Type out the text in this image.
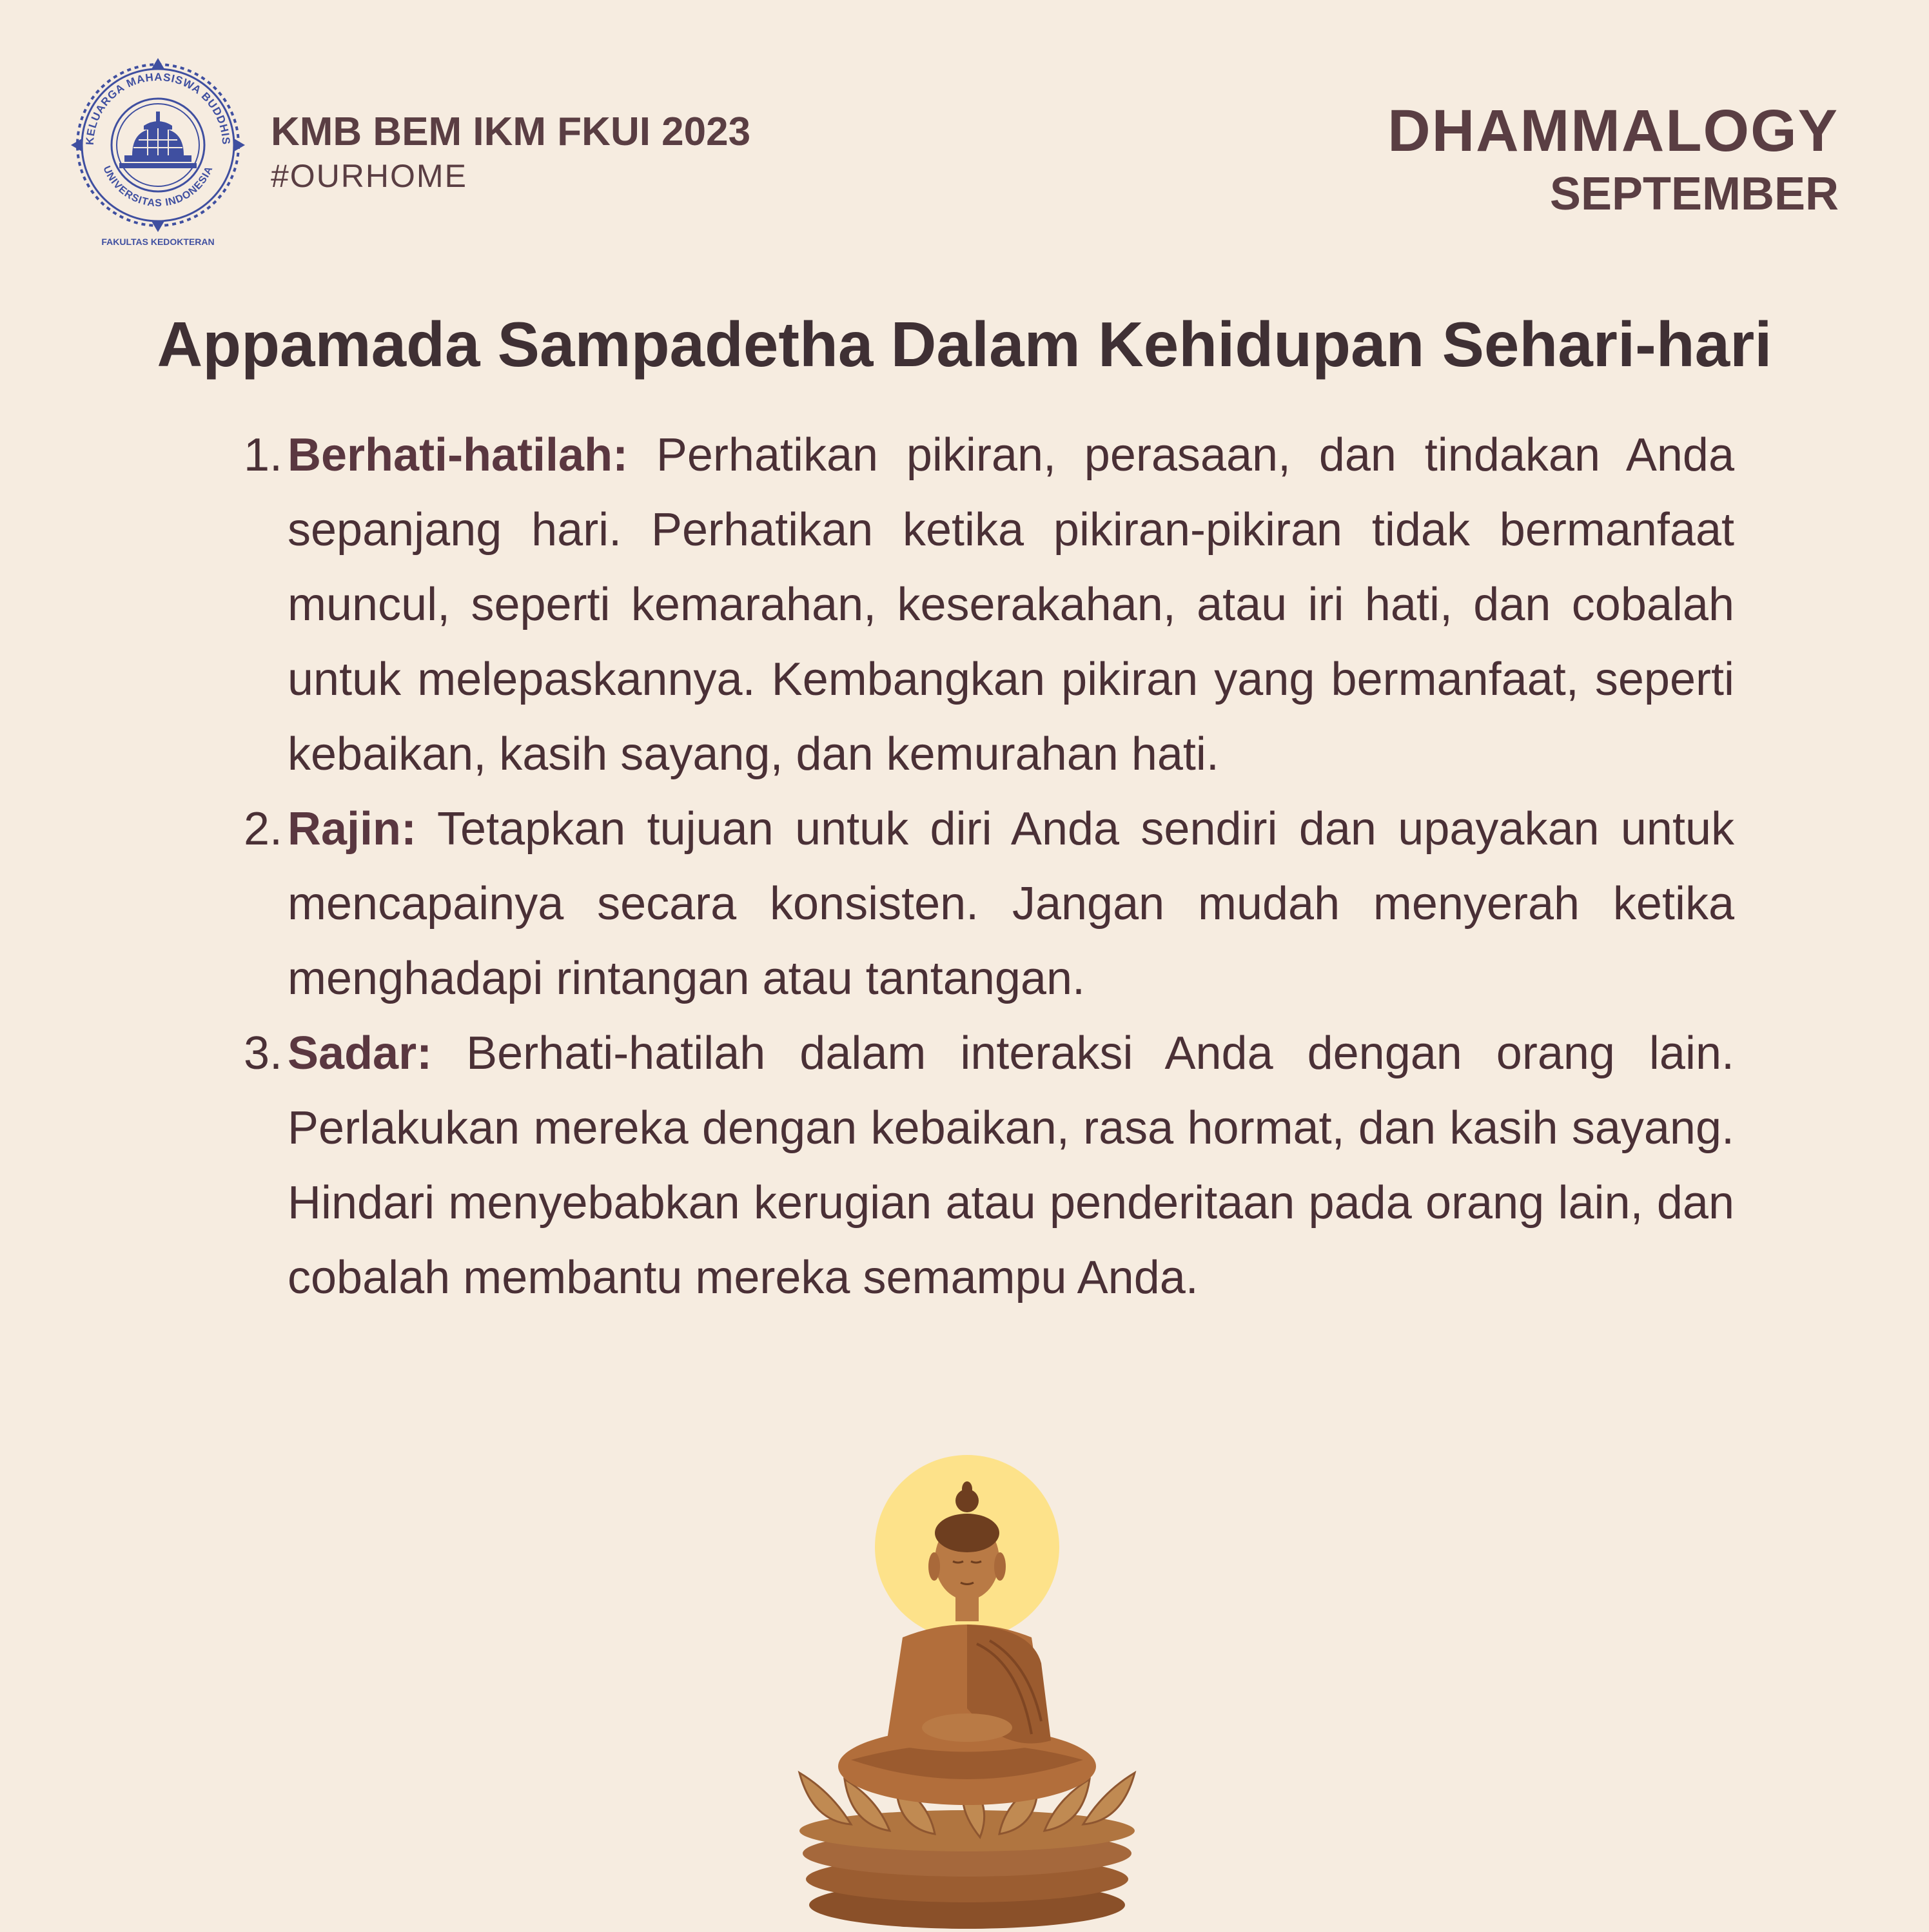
KELUARGA MAHASISWA BUDDHIS
UNIVERSITAS INDONESIA
FAKULTAS KEDOKTERAN
KMB BEM IKM FKUI 2023
#OURHOME
DHAMMALOGY
SEPTEMBER
Appamada Sampadetha Dalam Kehidupan Sehari-hari
1. Berhati-hatilah: Perhatikan pikiran, perasaan, dan tindakan Anda sepanjang hari. Perhatikan ketika pikiran-pikiran tidak bermanfaat muncul, seperti kemarahan, keserakahan, atau iri hati, dan cobalah untuk melepaskannya. Kembangkan pikiran yang bermanfaat, seperti kebaikan, kasih sayang, dan kemurahan hati.
2. Rajin: Tetapkan tujuan untuk diri Anda sendiri dan upayakan untuk mencapainya secara konsisten. Jangan mudah menyerah ketika menghadapi rintangan atau tantangan.
3. Sadar: Berhati-hatilah dalam interaksi Anda dengan orang lain. Perlakukan mereka dengan kebaikan, rasa hormat, dan kasih sayang. Hindari menyebabkan kerugian atau penderitaan pada orang lain, dan cobalah membantu mereka semampu Anda.
